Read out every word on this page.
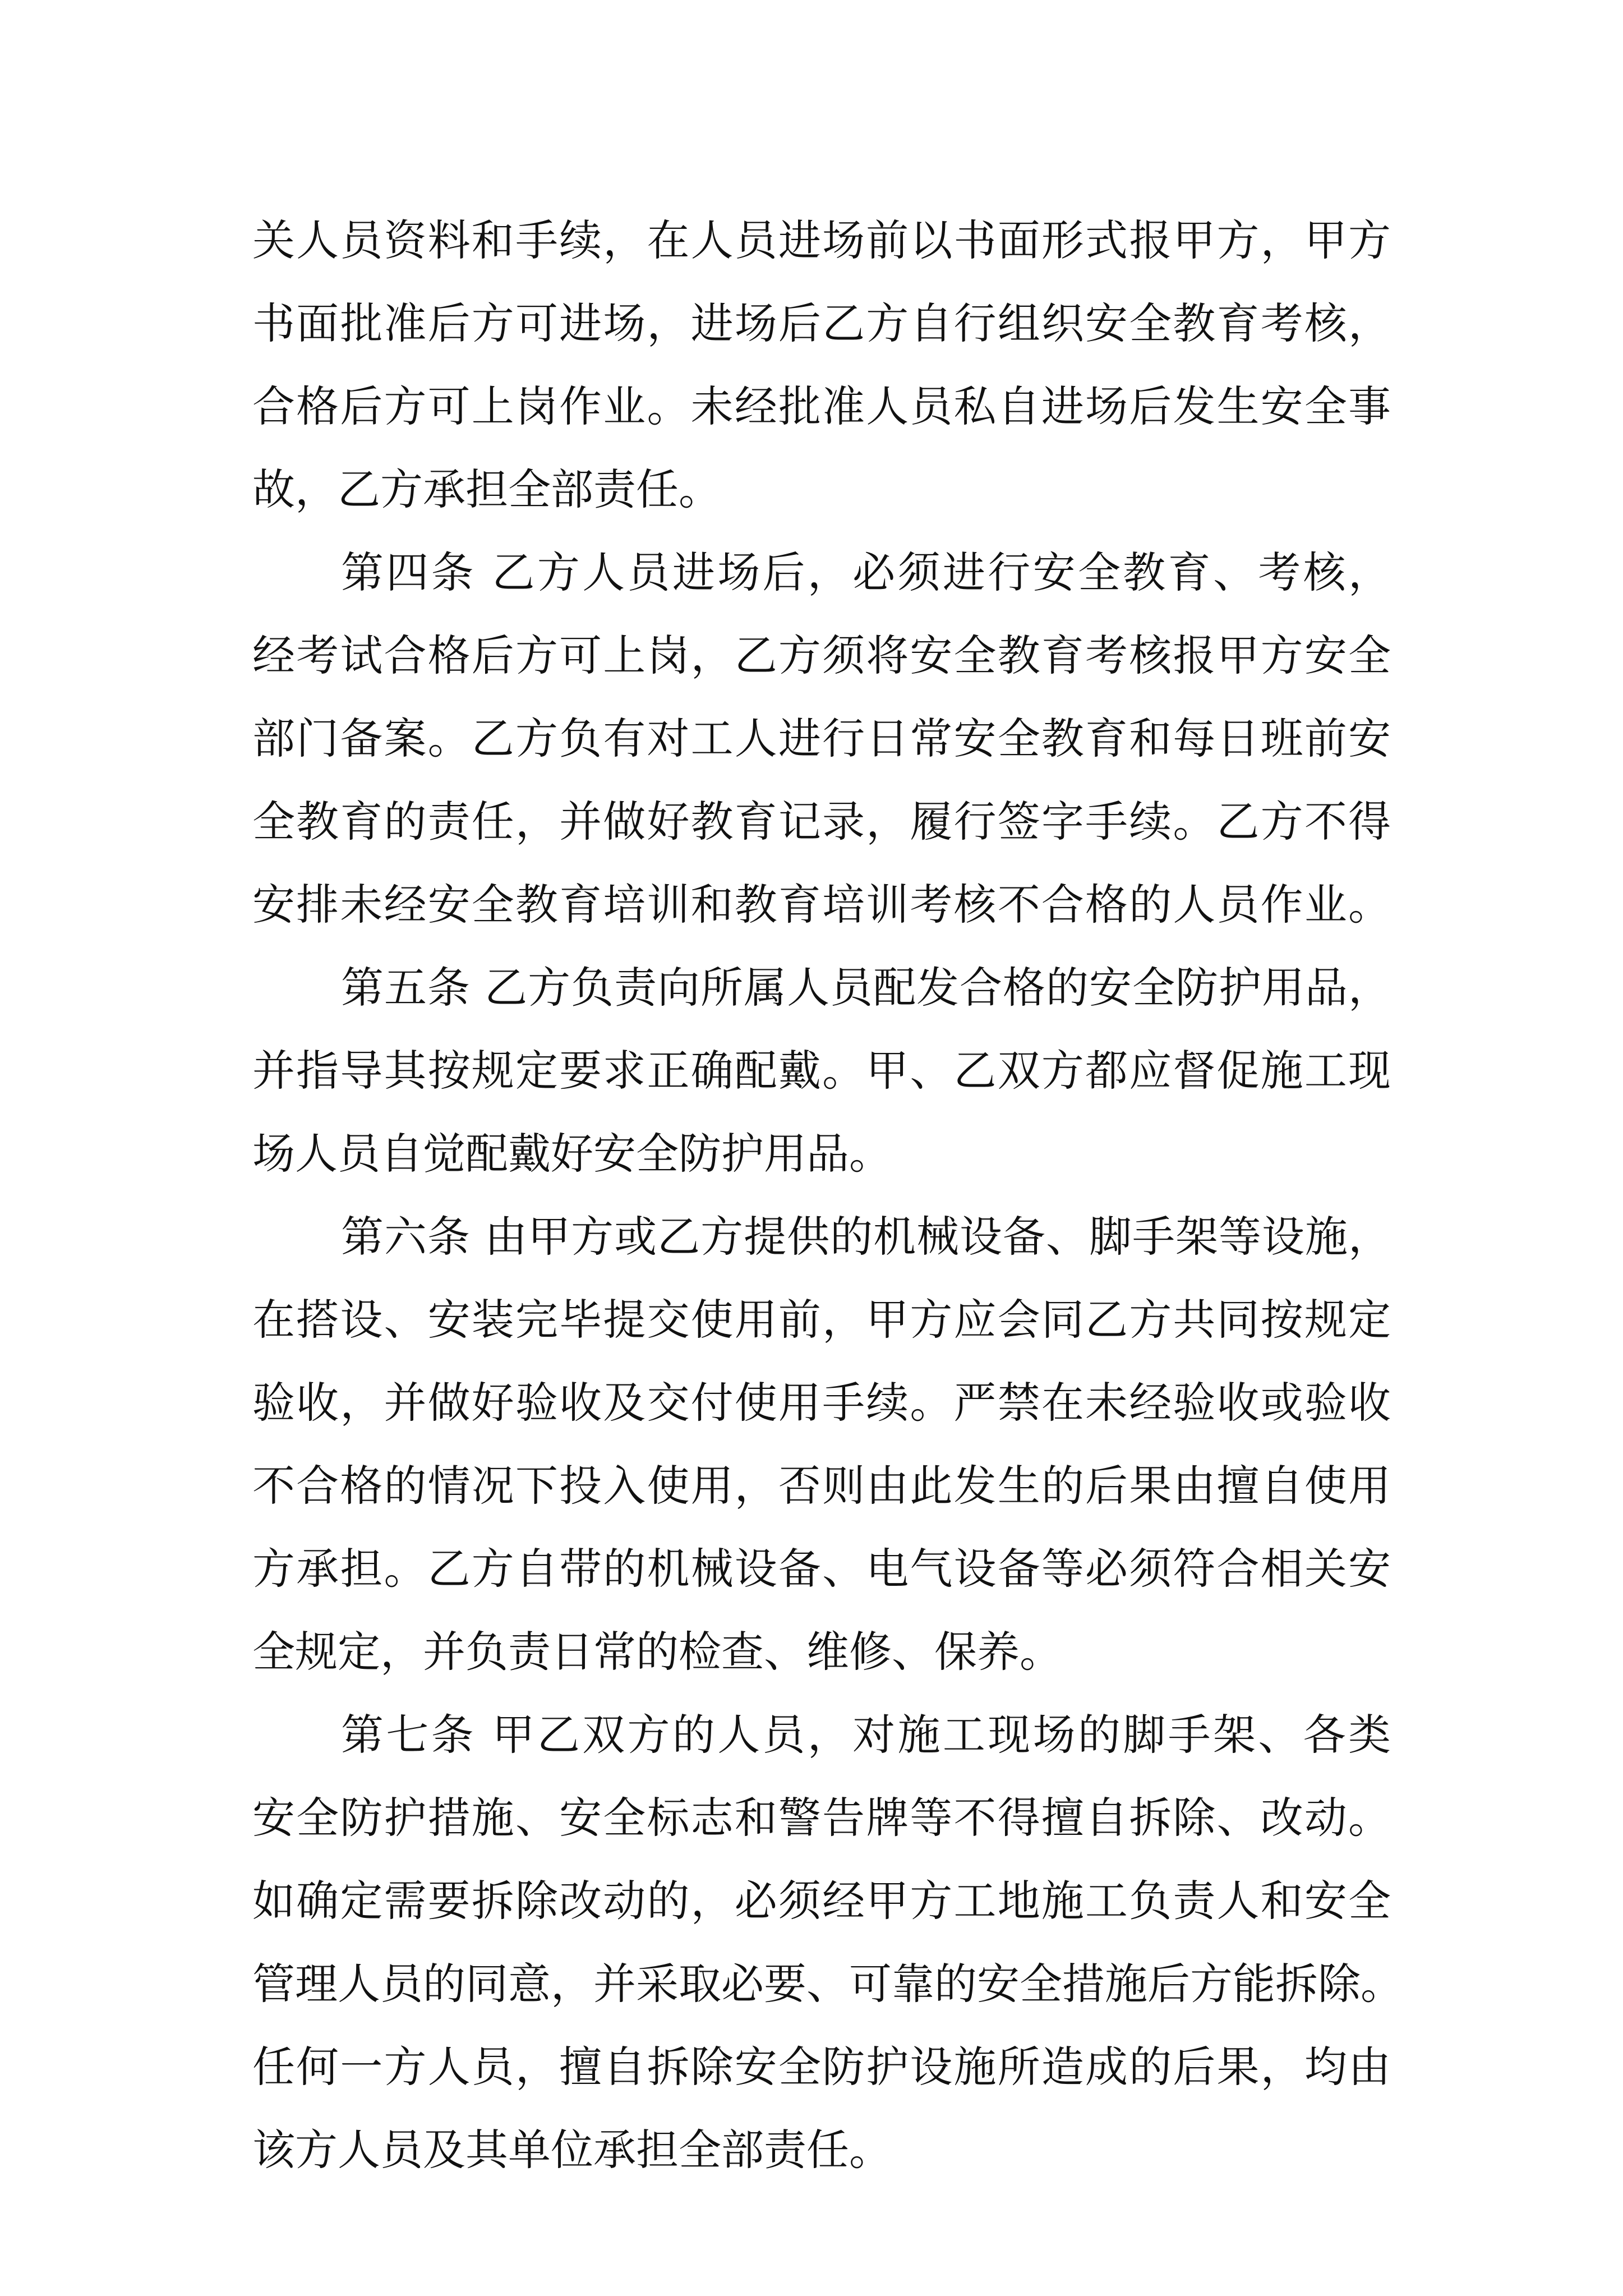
关人员资料和手续，在人员进场前以书面形式报甲方，甲方
书面批准后方可进场，进场后乙方自行组织安全教育考核，
合格后方可上岗作业。未经批准人员私自进场后发生安全事
故，乙方承担全部责任。
第四条 乙方人员进场后，必须进行安全教育、考核，
经考试合格后方可上岗，乙方须将安全教育考核报甲方安全
部门备案。乙方负有对工人进行日常安全教育和每日班前安
全教育的责任，并做好教育记录，履行签字手续。乙方不得
安排未经安全教育培训和教育培训考核不合格的人员作业。
第五条 乙方负责向所属人员配发合格的安全防护用品，
并指导其按规定要求正确配戴。甲、乙双方都应督促施工现
场人员自觉配戴好安全防护用品。
第六条 由甲方或乙方提供的机械设备、脚手架等设施，
在搭设、安装完毕提交使用前，甲方应会同乙方共同按规定
验收，并做好验收及交付使用手续。严禁在未经验收或验收
不合格的情况下投入使用，否则由此发生的后果由擅自使用
方承担。乙方自带的机械设备、电气设备等必须符合相关安
全规定，并负责日常的检查、维修、保养。
第七条 甲乙双方的人员，对施工现场的脚手架、各类
安全防护措施、安全标志和警告牌等不得擅自拆除、改动。
如确定需要拆除改动的，必须经甲方工地施工负责人和安全
管理人员的同意，并采取必要、可靠的安全措施后方能拆除。
任何一方人员，擅自拆除安全防护设施所造成的后果，均由
该方人员及其单位承担全部责任。
